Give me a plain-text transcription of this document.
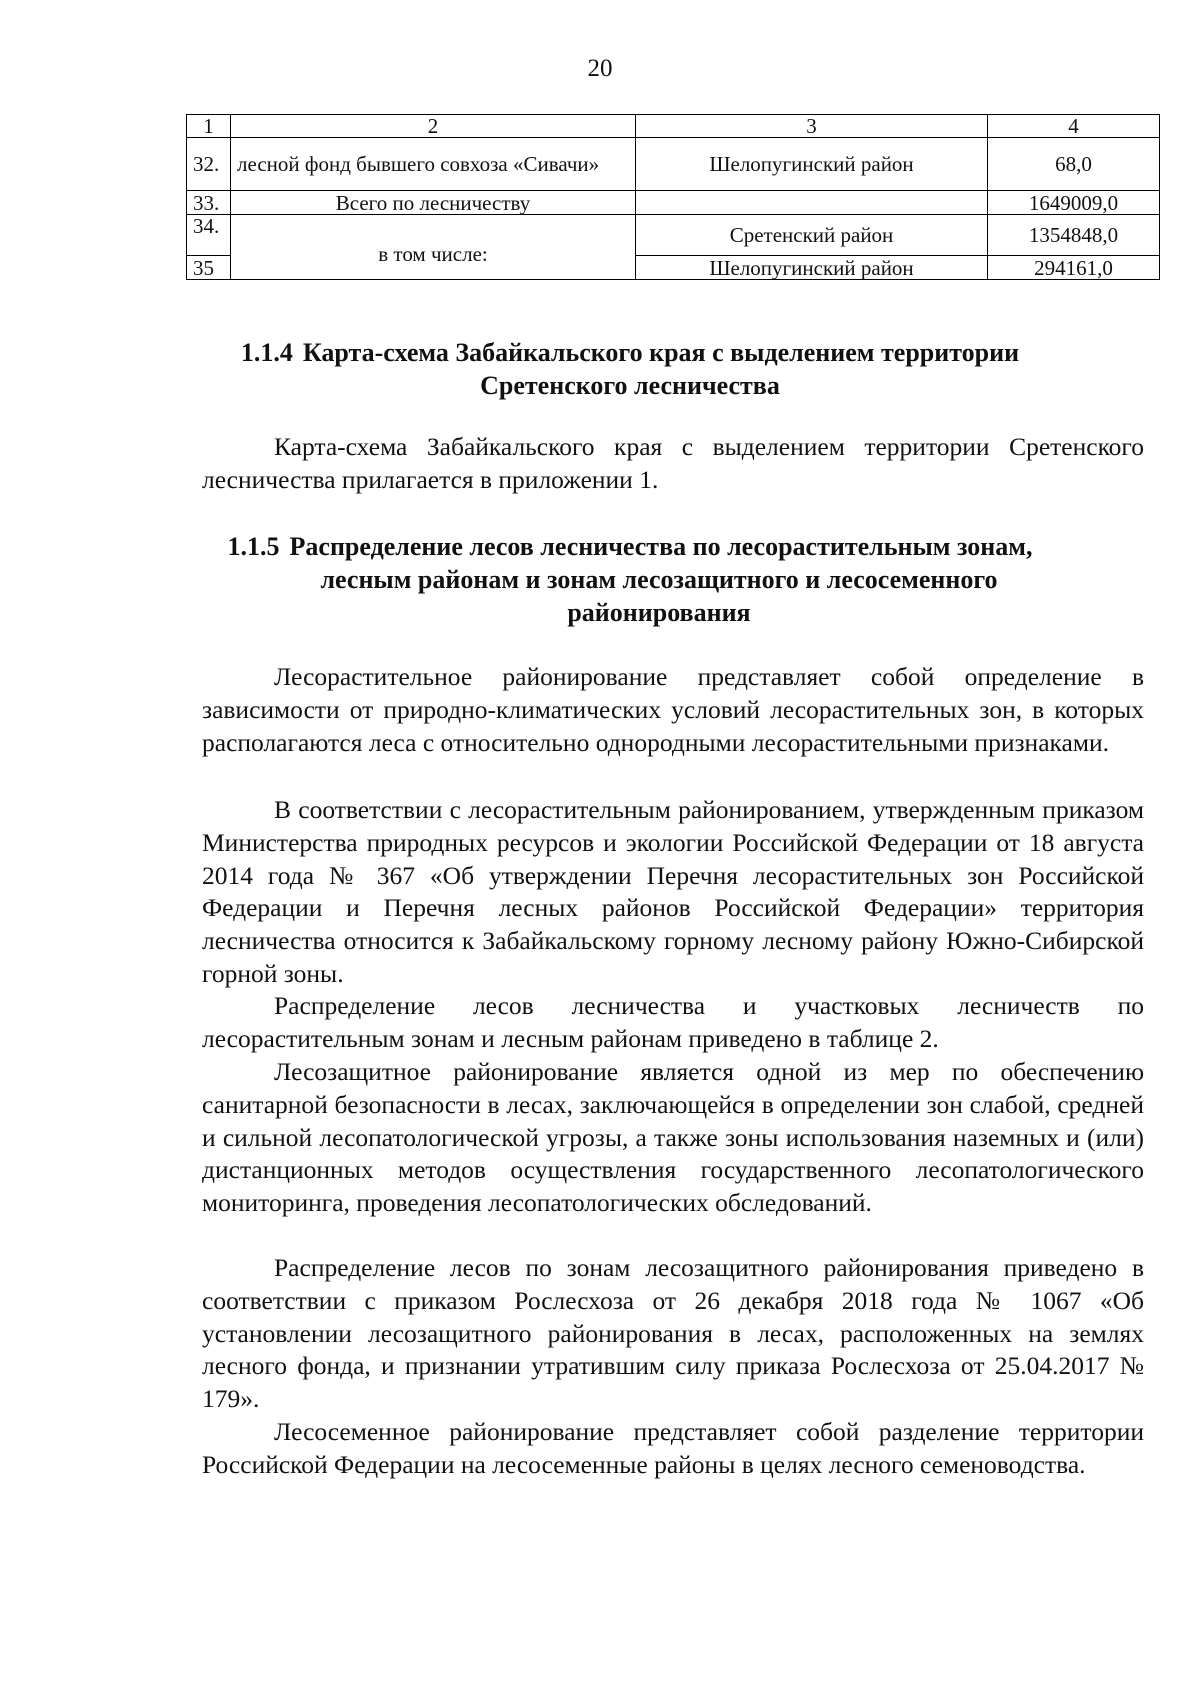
20
1	2	3	4
32.	лесной фонд бывшего совхоза «Сивачи»	Шелопугинский район	68,0
33.	Всего по лесничеству		1649009,0
34.	в том числе:	Сретенский район	1354848,0
35		Шелопугинский район	294161,0
1.1.4 Карта-схема Забайкальского края с выделением территории
Сретенского лесничества

Карта-схема Забайкальского края с выделением территории Сретенского лесничества прилагается в приложении 1.

1.1.5 Распределение лесов лесничества по лесорастительным зонам,
лесным районам и зонам лесозащитного и лесосеменного
районирования

Лесорастительное районирование представляет собой определение в зависимости от природно-климатических условий лесорастительных зон, в которых располагаются леса с относительно однородными лесорастительными признаками.

В соответствии с лесорастительным районированием, утвержденным приказом Министерства природных ресурсов и экологии Российской Федерации от 18 августа 2014 года № 367 «Об утверждении Перечня лесорастительных зон Российской Федерации и Перечня лесных районов Российской Федерации» территория лесничества относится к Забайкальскому горному лесному району Южно-Сибирской горной зоны.

Распределение лесов лесничества и участковых лесничеств по лесорастительным зонам и лесным районам приведено в таблице 2.

Лесозащитное районирование является одной из мер по обеспечению санитарной безопасности в лесах, заключающейся в определении зон слабой, средней и сильной лесопатологической угрозы, а также зоны использования наземных и (или) дистанционных методов осуществления государственного лесопатологического мониторинга, проведения лесопатологических обследований.

Распределение лесов по зонам лесозащитного районирования приведено в соответствии с приказом Рослесхоза от 26 декабря 2018 года № 1067 «Об установлении лесозащитного районирования в лесах, расположенных на землях лесного фонда, и признании утратившим силу приказа Рослесхоза от 25.04.2017 № 179».

Лесосеменное районирование представляет собой разделение территории Российской Федерации на лесосеменные районы в целях лесного семеноводства.
